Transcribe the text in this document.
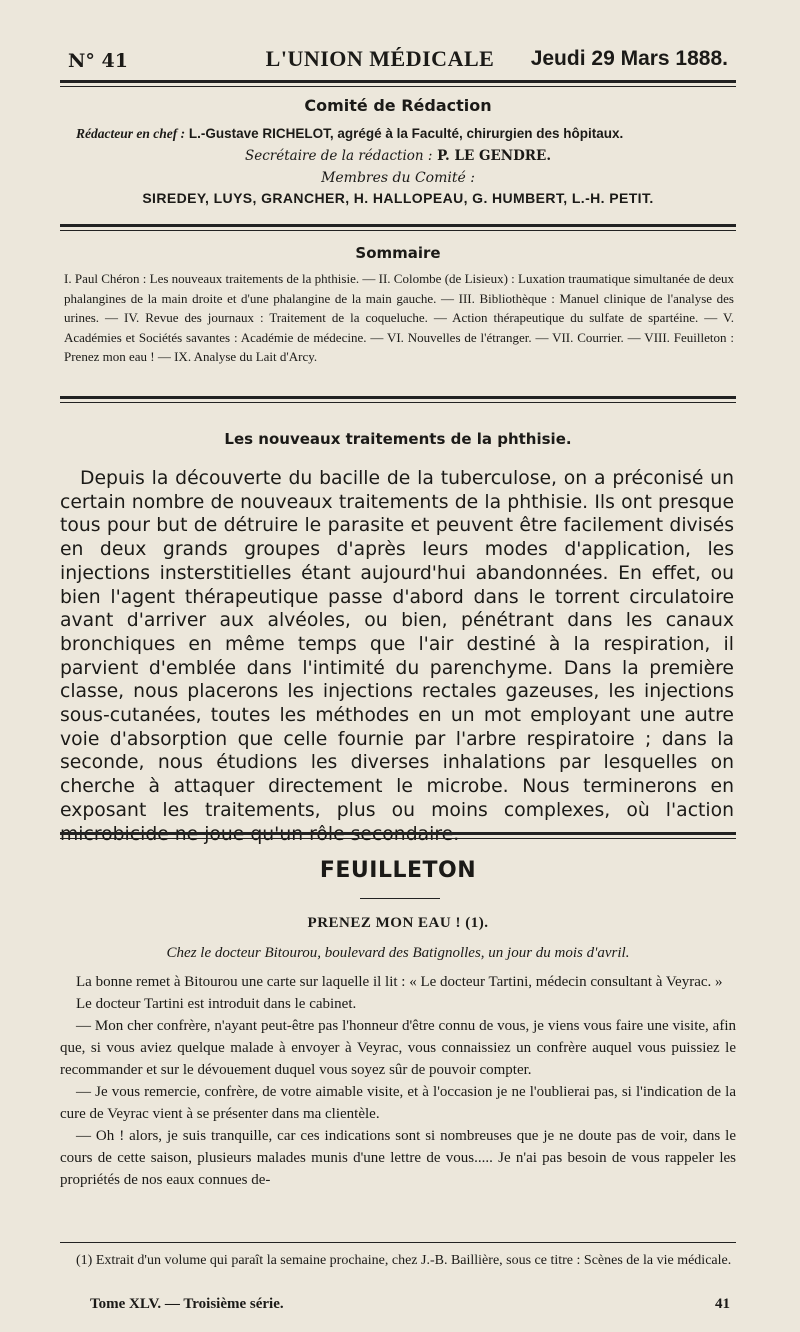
N° 41	L'UNION MÉDICALE	Jeudi 29 Mars 1888.
Comité de Rédaction
Rédacteur en chef : L.-Gustave RICHELOT, agrégé à la Faculté, chirurgien des hôpitaux.
Secrétaire de la rédaction : P. LE GENDRE.
Membres du Comité :
SIREDEY, LUYS, GRANCHER, H. HALLOPEAU, G. HUMBERT, L.-H. PETIT.
Sommaire
I. Paul Chéron : Les nouveaux traitements de la phthisie. — II. Colombe (de Lisieux) : Luxation traumatique simultanée de deux phalangines de la main droite et d'une phalangine de la main gauche. — III. Bibliothèque : Manuel clinique de l'analyse des urines. — IV. Revue des journaux : Traitement de la coqueluche. — Action thérapeutique du sulfate de spartéine. — V. Académies et Sociétés savantes : Académie de médecine. — VI. Nouvelles de l'étranger. — VII. Courrier. — VIII. Feuilleton : Prenez mon eau ! — IX. Analyse du Lait d'Arcy.
Les nouveaux traitements de la phthisie.
Depuis la découverte du bacille de la tuberculose, on a préconisé un certain nombre de nouveaux traitements de la phthisie. Ils ont presque tous pour but de détruire le parasite et peuvent être facilement divisés en deux grands groupes d'après leurs modes d'application, les injections insterstitielles étant aujourd'hui abandonnées. En effet, ou bien l'agent thérapeutique passe d'abord dans le torrent circulatoire avant d'arriver aux alvéoles, ou bien, pénétrant dans les canaux bronchiques en même temps que l'air destiné à la respiration, il parvient d'emblée dans l'intimité du parenchyme. Dans la première classe, nous placerons les injections rectales gazeuses, les injections sous-cutanées, toutes les méthodes en un mot employant une autre voie d'absorption que celle fournie par l'arbre respiratoire ; dans la seconde, nous étudions les diverses inhalations par lesquelles on cherche à attaquer directement le microbe. Nous terminerons en exposant les traitements, plus ou moins complexes, où l'action
FEUILLETON
PRENEZ MON EAU ! (1).
Chez le docteur Bitourou, boulevard des Batignolles, un jour du mois d'avril.

La bonne remet à Bitourou une carte sur laquelle il lit : « Le docteur Tartini, médecin consultant à Veyrac. »

Le docteur Tartini est introduit dans le cabinet.

— Mon cher confrère, n'ayant peut-être pas l'honneur d'être connu de vous, je viens vous faire une visite, afin que, si vous aviez quelque malade à envoyer à Veyrac, vous connaissiez un confrère auquel vous puissiez le recommander et sur le dévouement duquel vous soyez sûr de pouvoir compter.

— Je vous remercie, confrère, de votre aimable visite, et à l'occasion je ne l'oublierai pas, si l'indication de la cure de Veyrac vient à se présenter dans ma clientèle.

— Oh ! alors, je suis tranquille, car ces indications sont si nombreuses que je ne doute pas de voir, dans le cours de cette saison, plusieurs malades munis d'une lettre de vous..... Je n'ai pas besoin de vous rappeler les propriétés de nos eaux connues de-

(1) Extrait d'un volume qui paraît la semaine prochaine, chez J.-B. Baillière, sous ce titre : Scènes de la vie médicale.
Tome XLV. — Troisième série.	41
